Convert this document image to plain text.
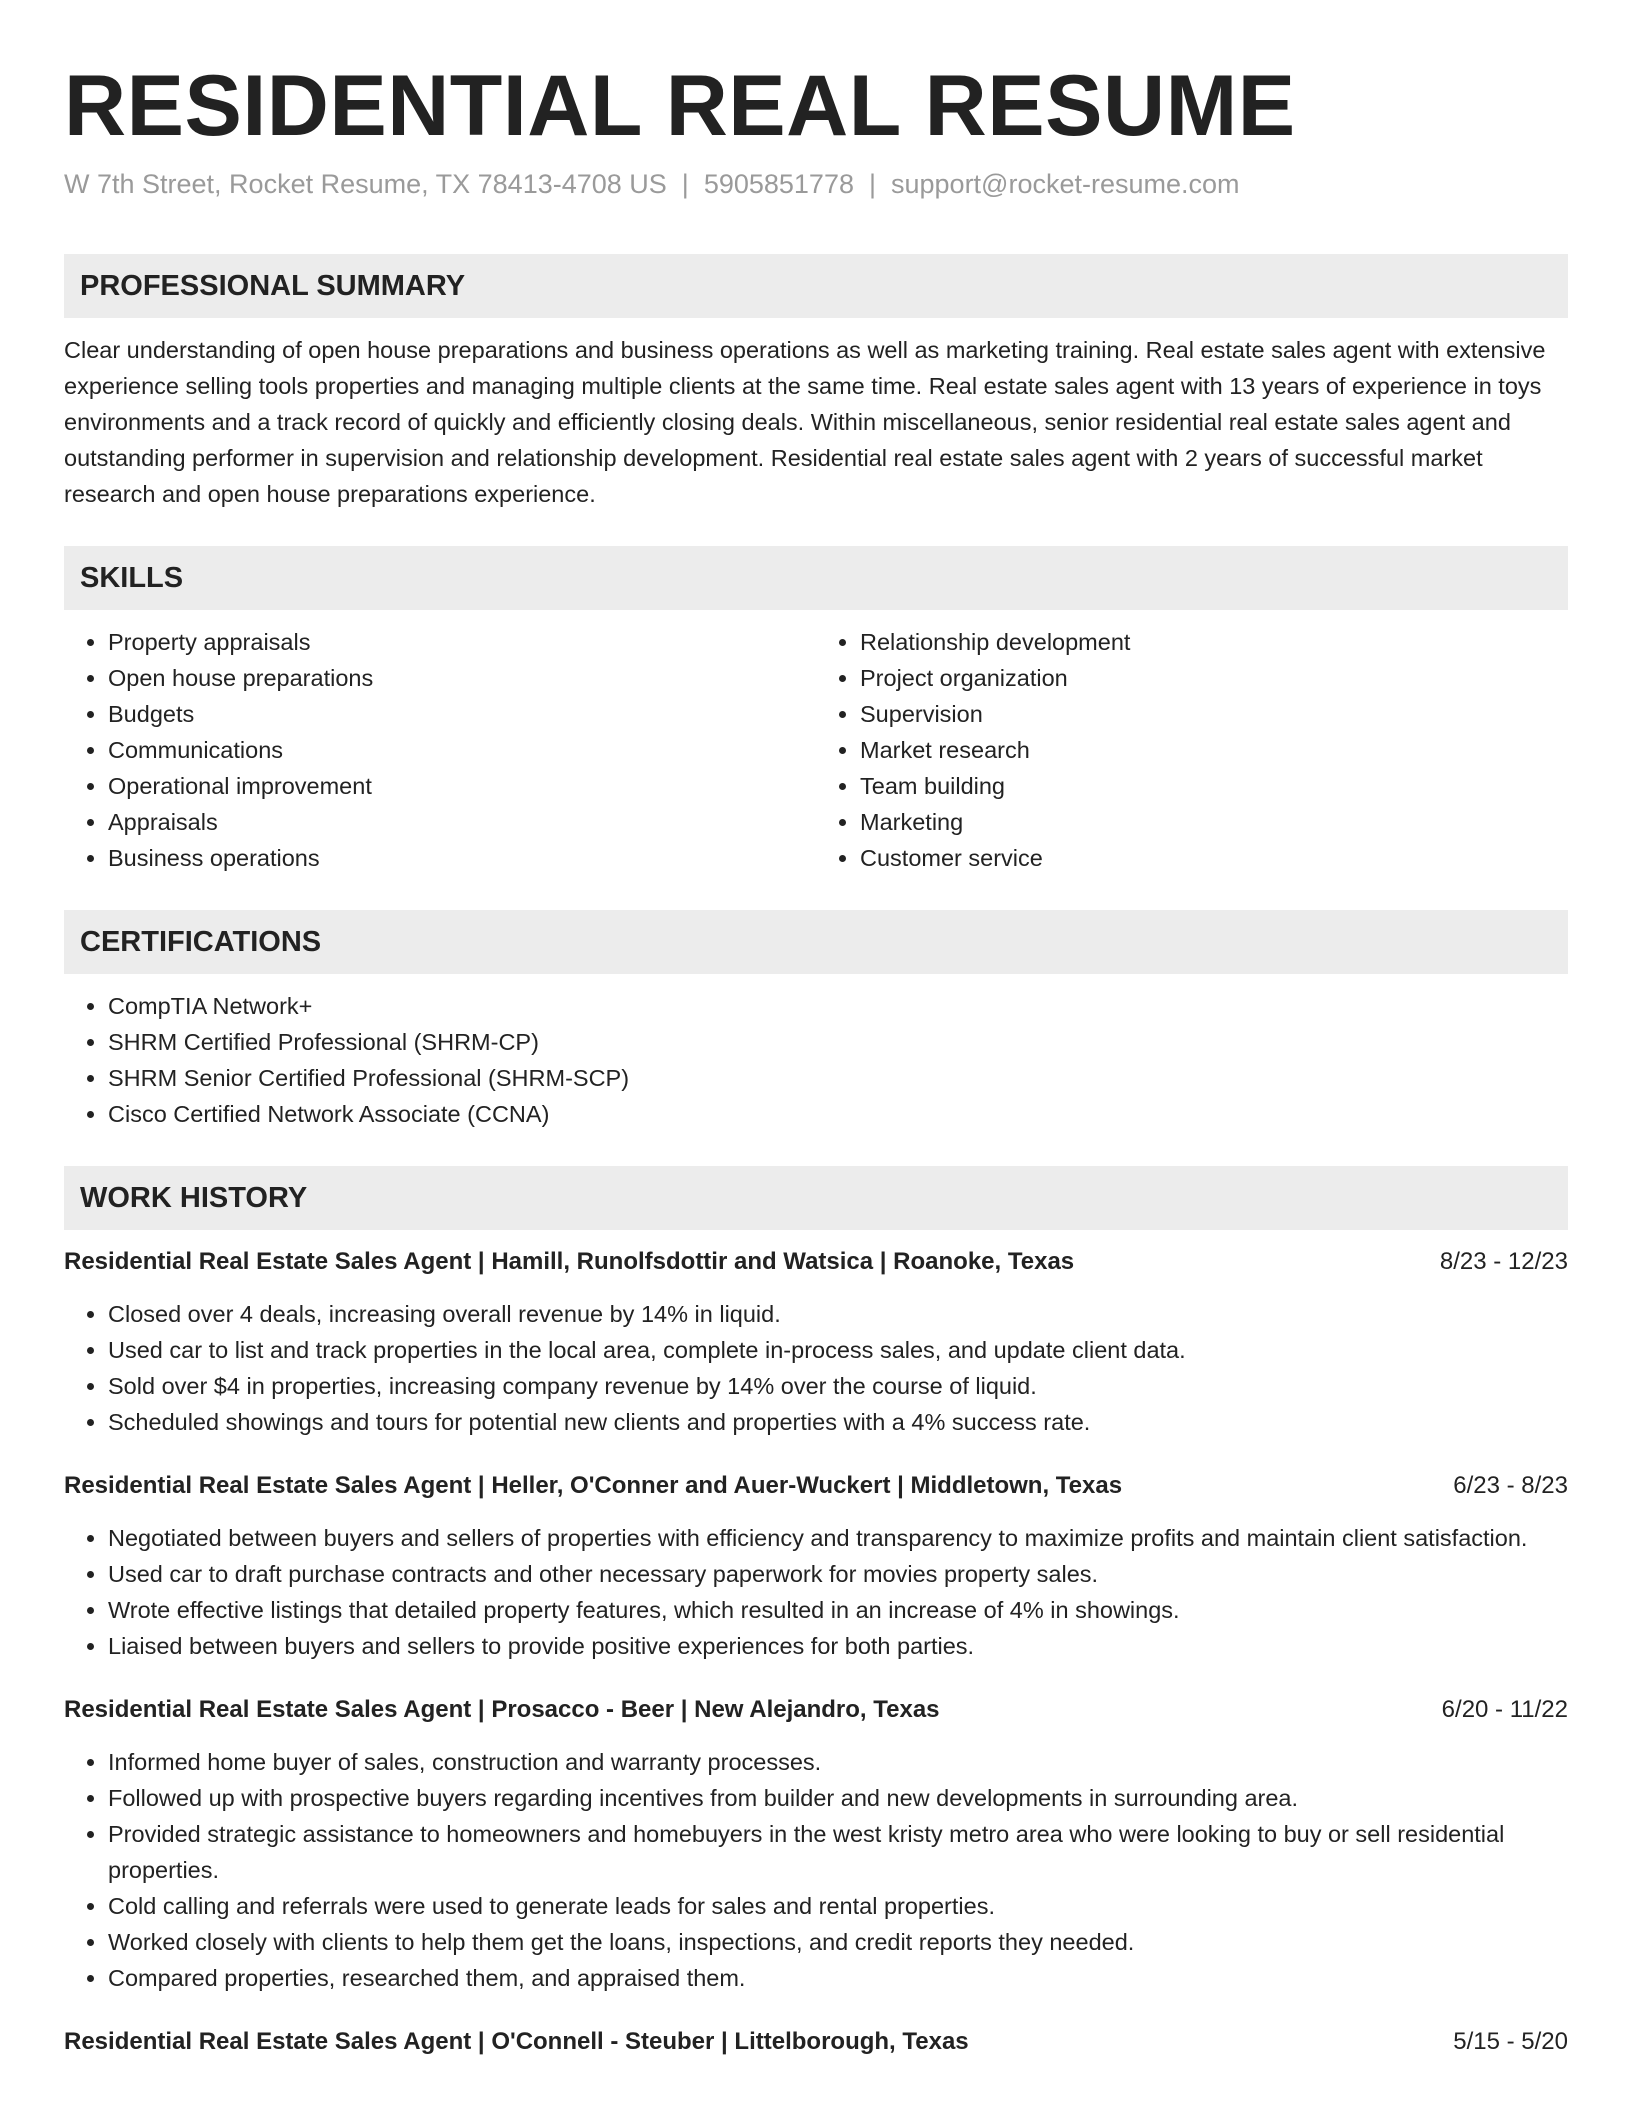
RESIDENTIAL REAL RESUME
W 7th Street, Rocket Resume, TX 78413-4708 US | 5905851778 | support@rocket-resume.com
PROFESSIONAL SUMMARY
Clear understanding of open house preparations and business operations as well as marketing training. Real estate sales agent with extensive experience selling tools properties and managing multiple clients at the same time. Real estate sales agent with 13 years of experience in toys environments and a track record of quickly and efficiently closing deals. Within miscellaneous, senior residential real estate sales agent and outstanding performer in supervision and relationship development. Residential real estate sales agent with 2 years of successful market research and open house preparations experience.
SKILLS
• Property appraisals
• Open house preparations
• Budgets
• Communications
• Operational improvement
• Appraisals
• Business operations
• Relationship development
• Project organization
• Supervision
• Market research
• Team building
• Marketing
• Customer service
CERTIFICATIONS
• CompTIA Network+
• SHRM Certified Professional (SHRM-CP)
• SHRM Senior Certified Professional (SHRM-SCP)
• Cisco Certified Network Associate (CCNA)
WORK HISTORY
Residential Real Estate Sales Agent | Hamill, Runolfsdottir and Watsica | Roanoke, Texas	8/23 - 12/23
• Closed over 4 deals, increasing overall revenue by 14% in liquid.
• Used car to list and track properties in the local area, complete in-process sales, and update client data.
• Sold over $4 in properties, increasing company revenue by 14% over the course of liquid.
• Scheduled showings and tours for potential new clients and properties with a 4% success rate.
Residential Real Estate Sales Agent | Heller, O'Conner and Auer-Wuckert | Middletown, Texas	6/23 - 8/23
• Negotiated between buyers and sellers of properties with efficiency and transparency to maximize profits and maintain client satisfaction.
• Used car to draft purchase contracts and other necessary paperwork for movies property sales.
• Wrote effective listings that detailed property features, which resulted in an increase of 4% in showings.
• Liaised between buyers and sellers to provide positive experiences for both parties.
Residential Real Estate Sales Agent | Prosacco - Beer | New Alejandro, Texas	6/20 - 11/22
• Informed home buyer of sales, construction and warranty processes.
• Followed up with prospective buyers regarding incentives from builder and new developments in surrounding area.
• Provided strategic assistance to homeowners and homebuyers in the west kristy metro area who were looking to buy or sell residential properties.
• Cold calling and referrals were used to generate leads for sales and rental properties.
• Worked closely with clients to help them get the loans, inspections, and credit reports they needed.
• Compared properties, researched them, and appraised them.
Residential Real Estate Sales Agent | O'Connell - Steuber | Littelborough, Texas	5/15 - 5/20
